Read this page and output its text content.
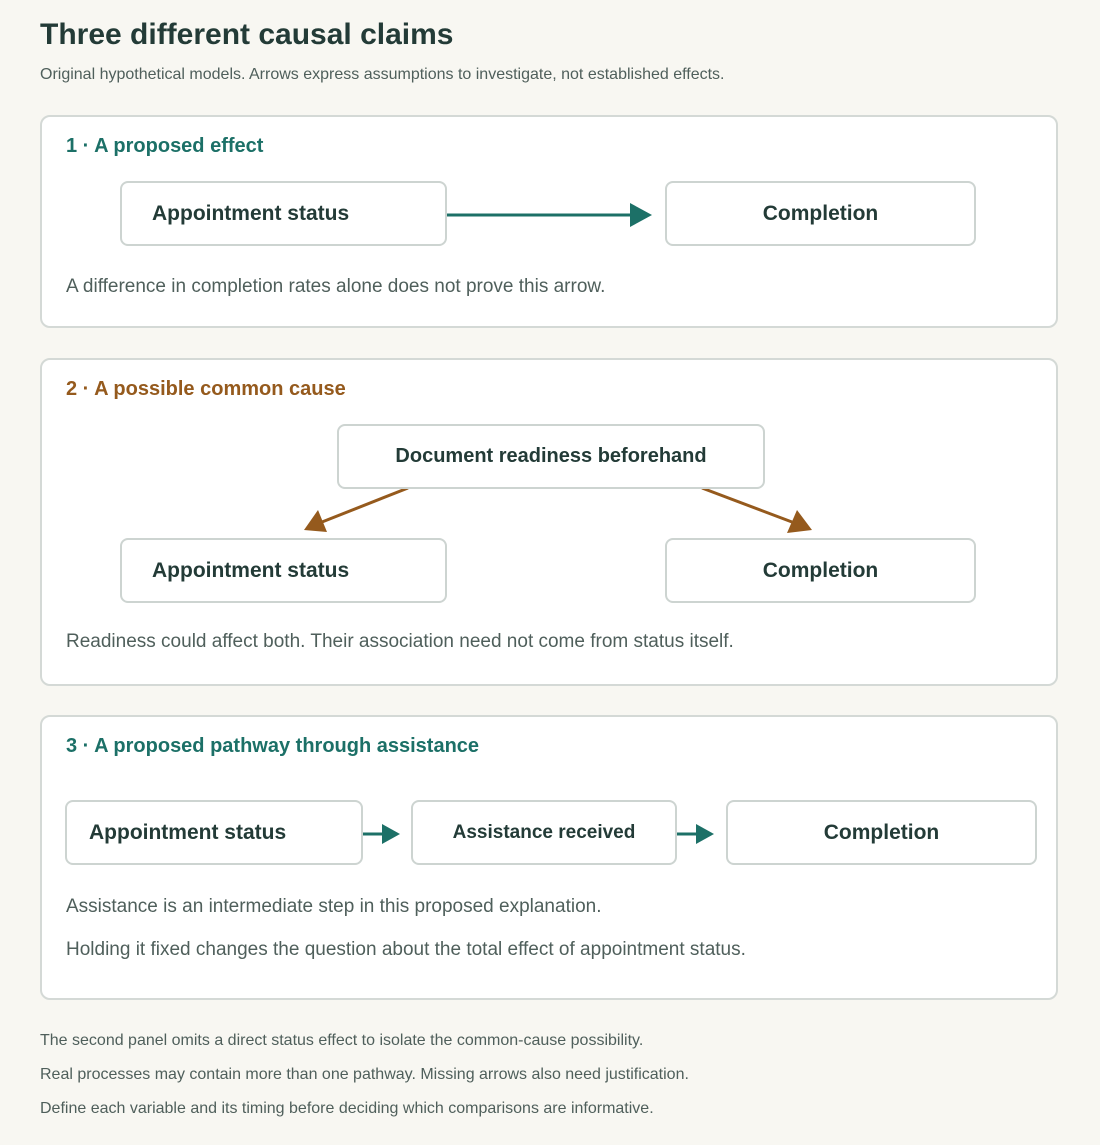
Three different causal claims
Original hypothetical models. Arrows express assumptions to investigate, not established effects.
1 · A proposed effect
Appointment status	Completion
A difference in completion rates alone does not prove this arrow.
2 · A possible common cause
Document readiness beforehand
Appointment status	Completion
Readiness could affect both. Their association need not come from status itself.
3 · A proposed pathway through assistance
Appointment status	Assistance received	Completion
Assistance is an intermediate step in this proposed explanation.
Holding it fixed changes the question about the total effect of appointment status.
The second panel omits a direct status effect to isolate the common-cause possibility.
Real processes may contain more than one pathway. Missing arrows also need justification.
Define each variable and its timing before deciding which comparisons are informative.
